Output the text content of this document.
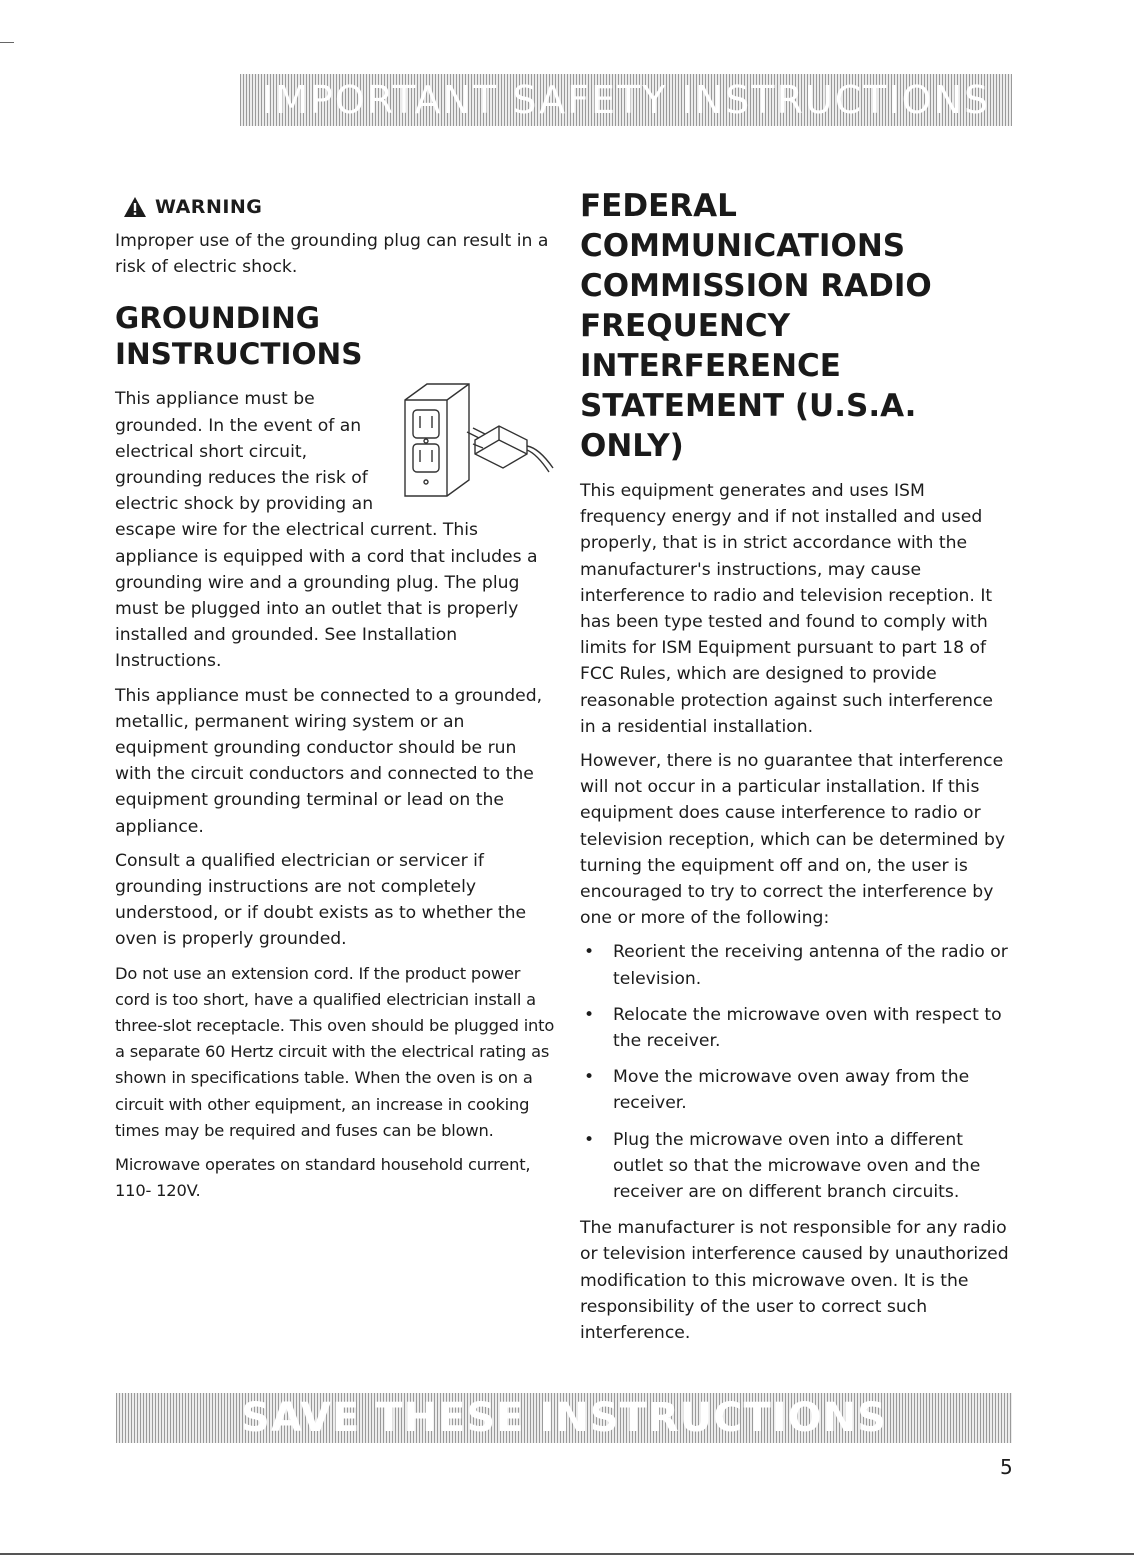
IMPORTANT SAFETY INSTRUCTIONS
WARNING

Improper use of the grounding plug can result in a risk of electric shock.

GROUNDING
INSTRUCTIONS

This appliance must be grounded. In the event of an electrical short circuit, grounding reduces the risk of electric shock by providing an escape wire for the electrical current. This appliance is equipped with a cord that includes a grounding wire and a grounding plug. The plug must be plugged into an outlet that is properly installed and grounded. See Installation Instructions.

This appliance must be connected to a grounded, metallic, permanent wiring system or an equipment grounding conductor should be run with the circuit conductors and connected to the equipment grounding terminal or lead on the appliance.

Consult a qualified electrician or servicer if grounding instructions are not completely understood, or if doubt exists as to whether the oven is properly grounded.

Do not use an extension cord. If the product power cord is too short, have a qualified electrician install a three-slot receptacle. This oven should be plugged into a separate 60 Hertz circuit with the electrical rating as shown in specifications table. When the oven is on a circuit with other equipment, an increase in cooking times may be required and fuses can be blown.

Microwave operates on standard household current, 110- 120V.

FEDERAL
COMMUNICATIONS
COMMISSION RADIO
FREQUENCY INTERFERENCE
STATEMENT (U.S.A. ONLY)

This equipment generates and uses ISM frequency energy and if not installed and used properly, that is in strict accordance with the manufacturer's instructions, may cause interference to radio and television reception. It has been type tested and found to comply with limits for ISM Equipment pursuant to part 18 of FCC Rules, which are designed to provide reasonable protection against such interference in a residential installation.

However, there is no guarantee that interference will not occur in a particular installation. If this equipment does cause interference to radio or television reception, which can be determined by turning the equipment off and on, the user is encouraged to try to correct the interference by one or more of the following:

• Reorient the receiving antenna of the radio or television.
• Relocate the microwave oven with respect to the receiver.
• Move the microwave oven away from the receiver.
• Plug the microwave oven into a different outlet so that the microwave oven and the receiver are on different branch circuits.

The manufacturer is not responsible for any radio or television interference caused by unauthorized modification to this microwave oven. It is the responsibility of the user to correct such interference.

SAVE THESE INSTRUCTIONS
5
